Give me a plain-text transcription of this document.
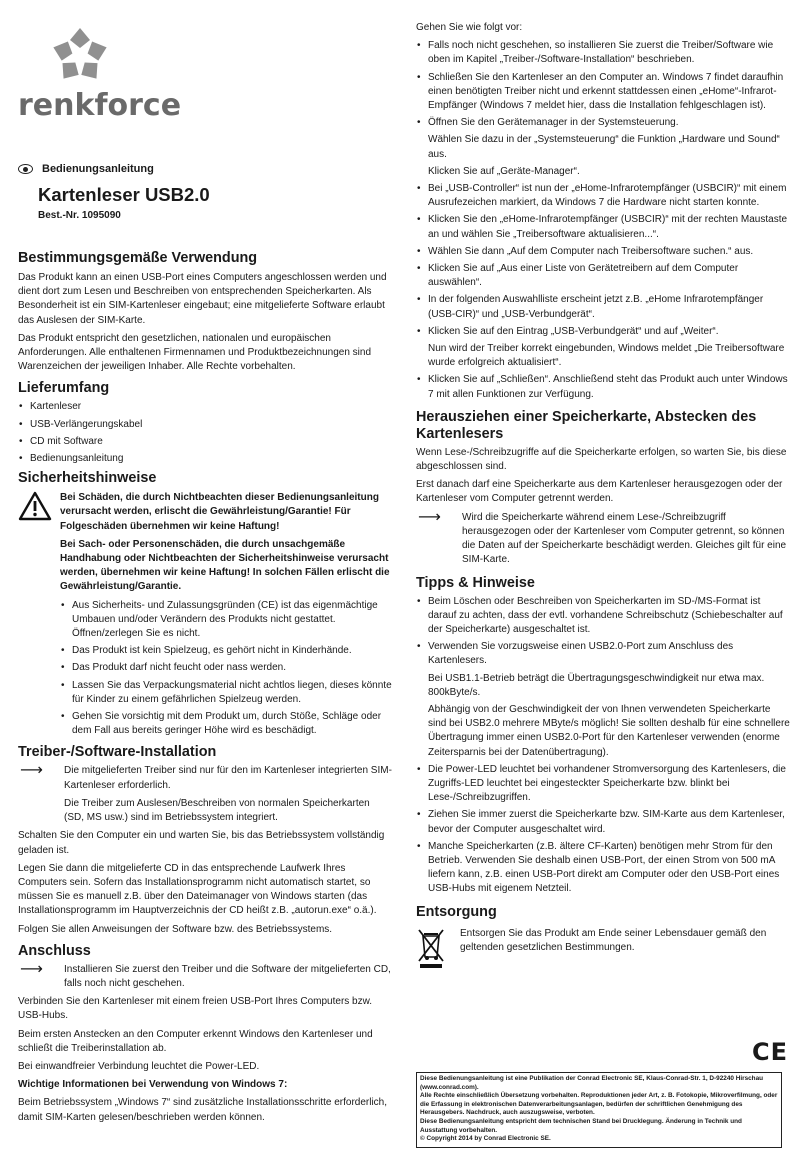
renkforce
Bedienungsanleitung
Kartenleser USB2.0
Best.-Nr. 1095090
Bestimmungsgemäße Verwendung

Das Produkt kann an einen USB-Port eines Computers angeschlossen werden und dient dort zum Lesen und Beschreiben von entsprechenden Speicherkarten. Als Besonderheit ist ein SIM-Kartenleser eingebaut; eine mitgelieferte Software erlaubt das Auslesen der SIM-Karte.

Das Produkt entspricht den gesetzlichen, nationalen und europäischen Anforderungen. Alle enthaltenen Firmennamen und Produktbezeichnungen sind Warenzeichen der jeweiligen Inhaber. Alle Rechte vorbehalten.

Lieferumfang
• Kartenleser
• USB-Verlängerungskabel
• CD mit Software
• Bedienungsanleitung
Sicherheitshinweise

Bei Schäden, die durch Nichtbeachten dieser Bedienungsanleitung verursacht werden, erlischt die Gewährleistung/Garantie! Für Folgeschäden übernehmen wir keine Haftung!

Bei Sach- oder Personenschäden, die durch unsachgemäße Handhabung oder Nichtbeachten der Sicherheitshinweise verursacht werden, übernehmen wir keine Haftung! In solchen Fällen erlischt die Gewährleistung/Garantie.

• Aus Sicherheits- und Zulassungsgründen (CE) ist das eigenmächtige Umbauen und/oder Verändern des Produkts nicht gestattet. Öffnen/zerlegen Sie es nicht.
• Das Produkt ist kein Spielzeug, es gehört nicht in Kinderhände.
• Das Produkt darf nicht feucht oder nass werden.
• Lassen Sie das Verpackungsmaterial nicht achtlos liegen, dieses könnte für Kinder zu einem gefährlichen Spielzeug werden.
• Gehen Sie vorsichtig mit dem Produkt um, durch Stöße, Schläge oder dem Fall aus bereits geringer Höhe wird es beschädigt.
Treiber-/Software-Installation
⟶ Die mitgelieferten Treiber sind nur für den im Kartenleser integrierten SIM-Kartenleser erforderlich.

Die Treiber zum Auslesen/Beschreiben von normalen Speicherkarten (SD, MS usw.) sind im Betriebssystem integriert.

Schalten Sie den Computer ein und warten Sie, bis das Betriebssystem vollständig geladen ist.

Legen Sie dann die mitgelieferte CD in das entsprechende Laufwerk Ihres Computers sein. Sofern das Installationsprogramm nicht automatisch startet, so müssen Sie es manuell z.B. über den Dateimanager von Windows starten (das Installationsprogramm im Hauptverzeichnis der CD heißt z.B. „autorun.exe“ o.ä.).

Folgen Sie allen Anweisungen der Software bzw. des Betriebssystems.

Anschluss
⟶ Installieren Sie zuerst den Treiber und die Software der mitgelieferten CD, falls noch nicht geschehen.

Verbinden Sie den Kartenleser mit einem freien USB-Port Ihres Computers bzw. USB-Hubs.

Beim ersten Anstecken an den Computer erkennt Windows den Kartenleser und schließt die Treiberinstallation ab.

Bei einwandfreier Verbindung leuchtet die Power-LED.

Wichtige Informationen bei Verwendung von Windows 7:

Beim Betriebssystem „Windows 7“ sind zusätzliche Installationsschritte erforderlich, damit SIM-Karten gelesen/beschrieben werden können.

Gehen Sie wie folgt vor:

• Falls noch nicht geschehen, so installieren Sie zuerst die Treiber/Software wie oben im Kapitel „Treiber-/Software-Installation“ beschrieben.
• Schließen Sie den Kartenleser an den Computer an. Windows 7 findet daraufhin einen benötigten Treiber nicht und erkennt stattdessen einen „eHome“-Infrarot-Empfänger (Windows 7 meldet hier, dass die Installation fehlgeschlagen ist).
• Öffnen Sie den Gerätemanager in der Systemsteuerung.

Wählen Sie dazu in der „Systemsteuerung“ die Funktion „Hardware und Sound“ aus.

Klicken Sie auf „Geräte-Manager“.

• Bei „USB-Controller“ ist nun der „eHome-Infrarotempfänger (USBCIR)“ mit einem Ausrufezeichen markiert, da Windows 7 die Hardware nicht starten konnte.
• Klicken Sie den „eHome-Infrarotempfänger (USBCIR)“ mit der rechten Maustaste an und wählen Sie „Treibersoftware aktualisieren...“.
• Wählen Sie dann „Auf dem Computer nach Treibersoftware suchen.“ aus.
• Klicken Sie auf „Aus einer Liste von Gerätetreibern auf dem Computer auswählen“.
• In der folgenden Auswahlliste erscheint jetzt z.B. „eHome Infrarotempfänger (USB-CIR)“ und „USB-Verbundgerät“.
• Klicken Sie auf den Eintrag „USB-Verbundgerät“ und auf „Weiter“.

Nun wird der Treiber korrekt eingebunden, Windows meldet „Die Treibersoftware wurde erfolgreich aktualisiert“.

• Klicken Sie auf „Schließen“. Anschließend steht das Produkt auch unter Windows 7 mit allen Funktionen zur Verfügung.
Herausziehen einer Speicherkarte, Abstecken des Kartenlesers

Wenn Lese-/Schreibzugriffe auf die Speicherkarte erfolgen, so warten Sie, bis diese abgeschlossen sind.

Erst danach darf eine Speicherkarte aus dem Kartenleser herausgezogen oder der Kartenleser vom Computer getrennt werden.

⟶ Wird die Speicherkarte während einem Lese-/Schreibzugriff herausgezogen oder der Kartenleser vom Computer getrennt, so können die Daten auf der Speicherkarte beschädigt werden. Gleiches gilt für eine SIM-Karte.

Tipps & Hinweise
• Beim Löschen oder Beschreiben von Speicherkarten im SD-/MS-Format ist darauf zu achten, dass der evtl. vorhandene Schreibschutz (Schiebeschalter auf der Speicherkarte) ausgeschaltet ist.
• Verwenden Sie vorzugsweise einen USB2.0-Port zum Anschluss des Kartenlesers.

Bei USB1.1-Betrieb beträgt die Übertragungsgeschwindigkeit nur etwa max. 800kByte/s.

Abhängig von der Geschwindigkeit der von Ihnen verwendeten Speicherkarte sind bei USB2.0 mehrere MByte/s möglich! Sie sollten deshalb für eine schnellere Übertragung immer einen USB2.0-Port für den Kartenleser verwenden (enorme Zeitersparnis bei der Datenübertragung).

• Die Power-LED leuchtet bei vorhandener Stromversorgung des Kartenlesers, die Zugriffs-LED leuchtet bei eingesteckter Speicherkarte bzw. blinkt bei Lese-/Schreibzugriffen.
• Ziehen Sie immer zuerst die Speicherkarte bzw. SIM-Karte aus dem Kartenleser, bevor der Computer ausgeschaltet wird.
• Manche Speicherkarten (z.B. ältere CF-Karten) benötigen mehr Strom für den Betrieb. Verwenden Sie deshalb einen USB-Port, der einen Strom von 500 mA liefern kann, z.B. einen USB-Port direkt am Computer oder den USB-Port eines USB-Hubs mit eigenem Netzteil.
Entsorgung

Entsorgen Sie das Produkt am Ende seiner Lebensdauer gemäß den geltenden gesetzlichen Bestimmungen.

CE
Diese Bedienungsanleitung ist eine Publikation der Conrad Electronic SE, Klaus-Conrad-Str. 1, D-92240 Hirschau (www.conrad.com).
Alle Rechte einschließlich Übersetzung vorbehalten. Reproduktionen jeder Art, z. B. Fotokopie, Mikroverfilmung, oder die Erfassung in elektronischen Datenverarbeitungsanlagen, bedürfen der schriftlichen Genehmigung des Herausgebers. Nachdruck, auch auszugsweise, verboten.
Diese Bedienungsanleitung entspricht dem technischen Stand bei Drucklegung. Änderung in Technik und Ausstattung vorbehalten.
© Copyright 2014 by Conrad Electronic SE.
